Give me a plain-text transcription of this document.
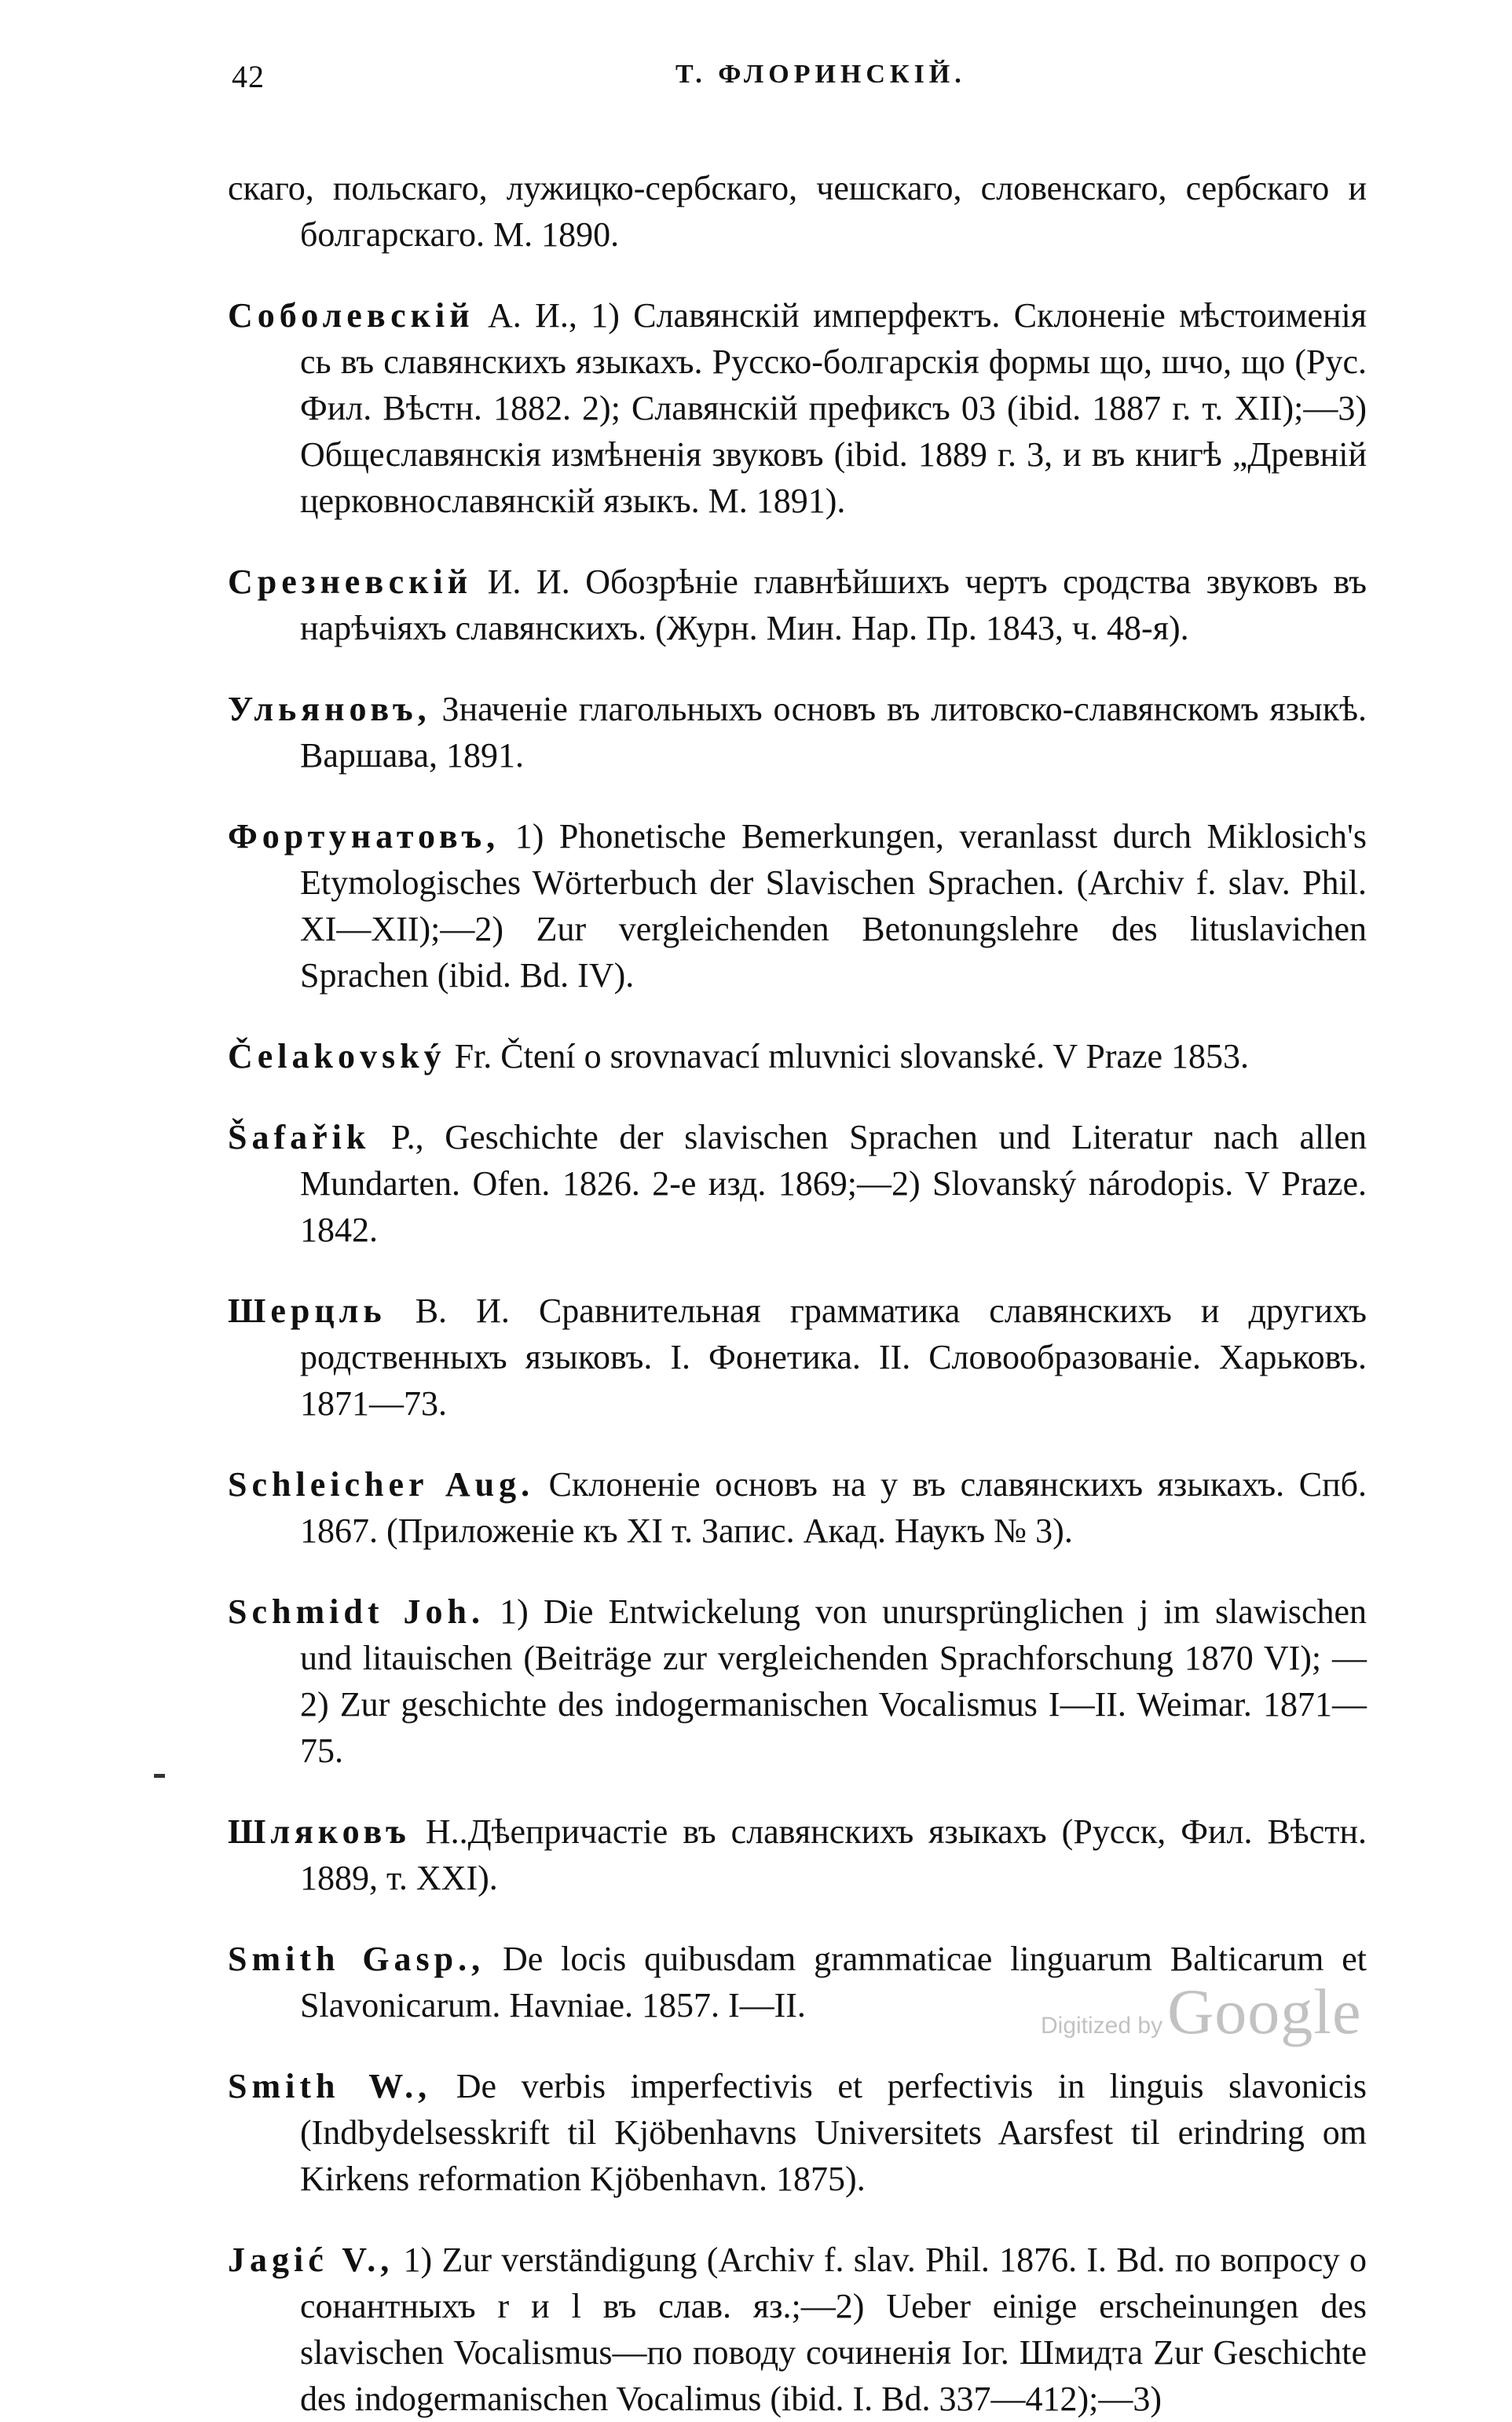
42	Т. ФЛОРИНСКІЙ.

скаго, польскаго, лужицко-сербскаго, чешскаго, словенскаго, сербскаго и болгарскаго. М. 1890.

Соболевскій А. И., 1) Славянскій имперфектъ. Склоненіе мѣстоименія сь въ славянскихъ языкахъ. Русско-болгарскія формы що, шчо, що (Рус. Фил. Вѣстн. 1882. 2); Славянскій префиксъ 03 (ibid. 1887 г. т. XII);—3) Общеславянскія измѣненія звуковъ (ibid. 1889 г. 3, и въ книгѣ „Древній церковнославянскій языкъ. М. 1891).

Срезневскій И. И. Обозрѣніе главнѣйшихъ чертъ сродства звуковъ въ нарѣчіяхъ славянскихъ. (Журн. Мин. Нар. Пр. 1843, ч. 48-я).

Ульяновъ, Значеніе глагольныхъ основъ въ литовско-славянскомъ языкѣ. Варшава, 1891.

Фортунатовъ, 1) Phonetische Bemerkungen, veranlasst durch Miklosich's Etymologisches Wörterbuch der Slavischen Sprachen. (Archiv f. slav. Phil. XI—XII);—2) Zur vergleichenden Betonungslehre des lituslavichen Sprachen (ibid. Bd. IV).

Čelakovský Fr. Čtení o srovnavací mluvnici slovanské. V Praze 1853.

Šafařik P., Geschichte der slavischen Sprachen und Literatur nach allen Mundarten. Ofen. 1826. 2-е изд. 1869;—2) Slovanský národopis. V Praze. 1842.

Шерцль В. И. Сравнительная грамматика славянскихъ и другихъ родственныхъ языковъ. I. Фонетика. II. Словообразованіе. Харьковъ. 1871—73.

Schleicher Aug. Склоненіе основъ на y въ славянскихъ языкахъ. Спб. 1867. (Приложеніе къ XI т. Запис. Акад. Наукъ № 3).

Schmidt Joh. 1) Die Entwickelung von unursprünglichen j im slawischen und litauischen (Beiträge zur vergleichenden Sprachforschung 1870 VI); —2) Zur geschichte des indogermanischen Vocalismus I—II. Weimar. 1871—75.

Шляковъ Н..Дѣепричастіе въ славянскихъ языкахъ (Русск, Фил. Вѣстн. 1889, т. XXI).

Smith Gasp., De locis quibusdam grammaticae linguarum Balticarum et Slavonicarum. Havniae. 1857. I—II.

Smith W., De verbis imperfectivis et perfectivis in linguis slavonicis (Indbydelsesskrift til Kjöbenhavns Universitets Aarsfest til erindring om Kirkens reformation Kjöbenhavn. 1875).

Jagić V., 1) Zur verständigung (Archiv f. slav. Phil. 1876. I. Bd. по вопросу о сонантныхъ r и l въ слав. яз.;—2) Ueber einige erscheinungen des slavischen Vocalismus—по поводу сочиненія Іог. Шмидта Zur Geschichte des indogermanischen Vocalimus (ibid. I. Bd. 337—412);—3)

Digitized by Google
